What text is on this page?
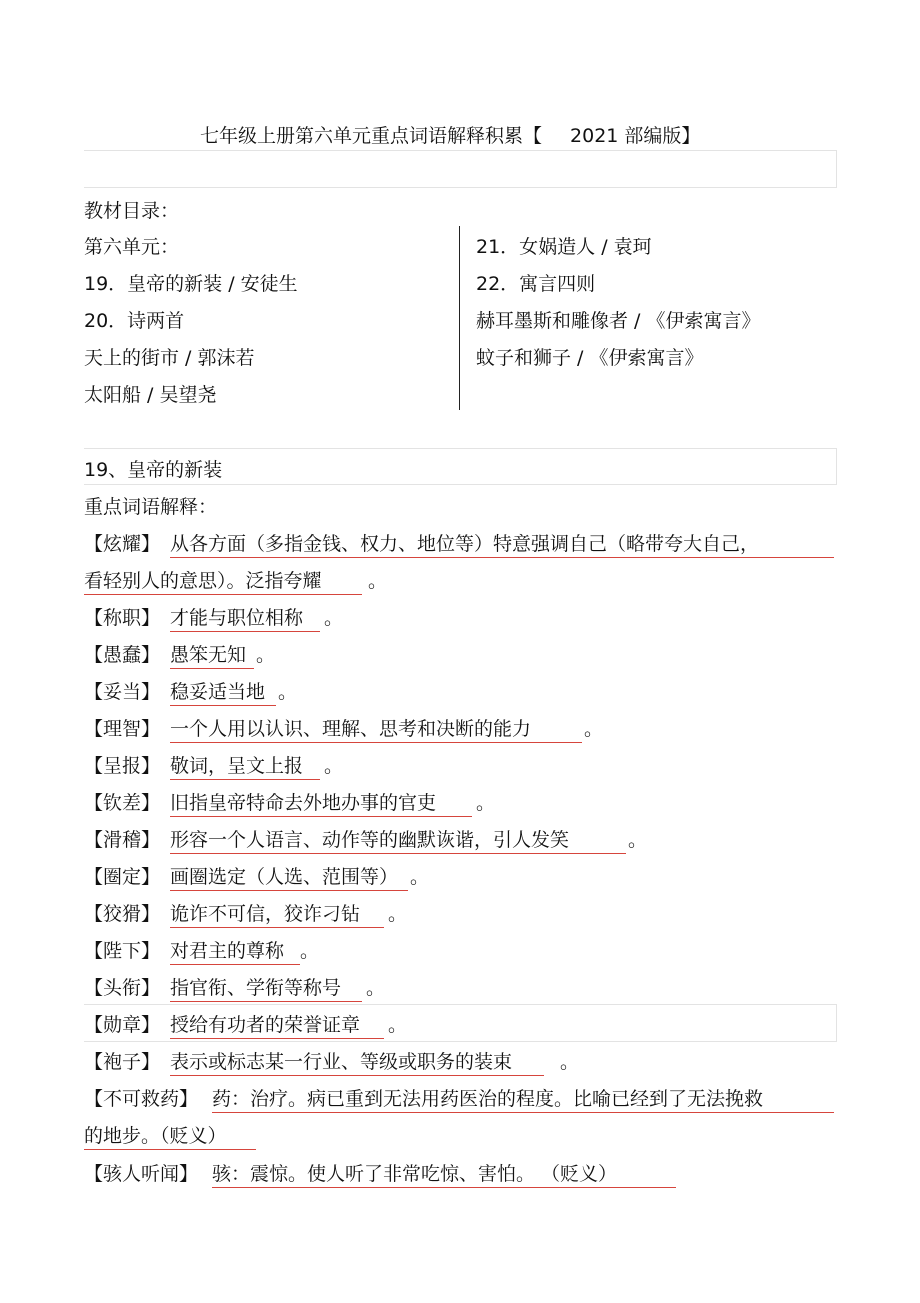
七年级上册第六单元重点词语解释积累【 2021 部编版】
教材目录：
第六单元：
19．皇帝的新装 / 安徒生
20．诗两首
天上的街市 / 郭沫若
太阳船 / 吴望尧
21．女娲造人 / 袁珂
22．寓言四则
赫耳墨斯和雕像者 / 《伊索寓言》
蚊子和狮子 / 《伊索寓言》
19、皇帝的新装
重点词语解释：
【炫耀】 从各方面（多指金钱、权力、地位等）特意强调自己（略带夸大自己，
看轻别人的意思）。泛指夸耀	。
【称职】 才能与职位相称	。
【愚蠢】 愚笨无知 。
【妥当】 稳妥适当地 。
【理智】 一个人用以认识、理解、思考和决断的能力	。
【呈报】 敬词，呈文上报	。
【钦差】 旧指皇帝特命去外地办事的官吏	。
【滑稽】 形容一个人语言、动作等的幽默诙谐，引人发笑	。
【圈定】 画圈选定（人选、范围等） 。
【狡猾】 诡诈不可信，狡诈刁钻	。
【陛下】 对君主的尊称 。
【头衔】 指官衔、学衔等称号	。
【勋章】 授给有功者的荣誉证章	。
【袍子】 表示或标志某一行业、等级或职务的装束	。
【不可救药】 药：治疗。病已重到无法用药医治的程度。比喻已经到了无法挽救
的地步。（贬义）
【骇人听闻】 骇：震惊。使人听了非常吃惊、害怕。 （贬义）
